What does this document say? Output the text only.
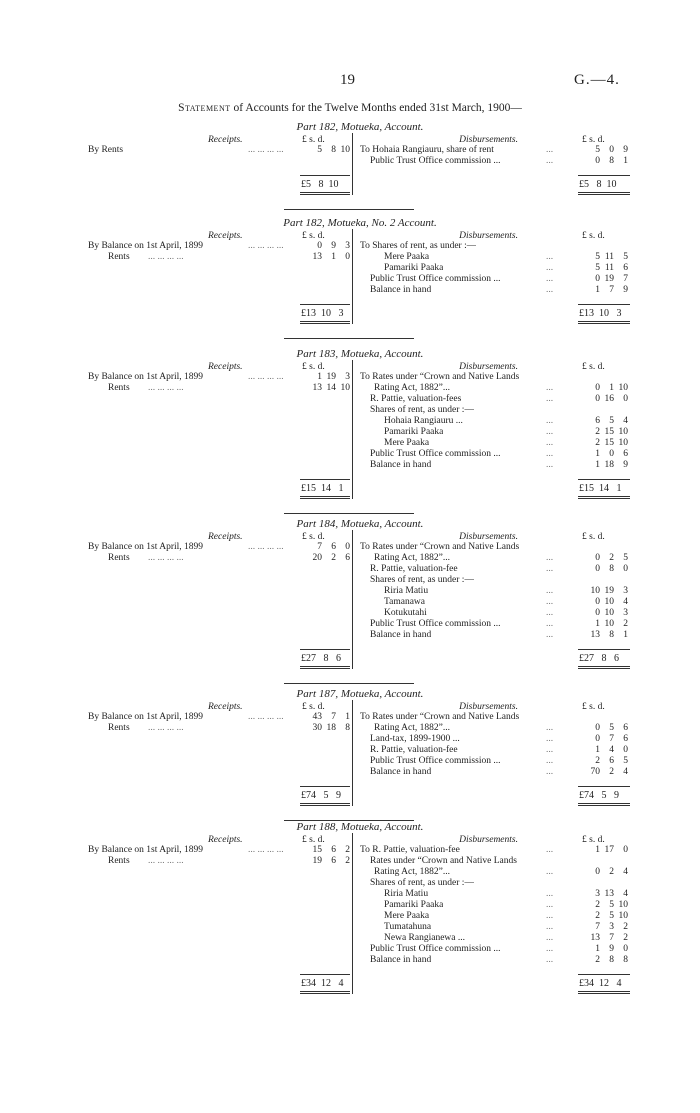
19	G.—4.
Statement of Accounts for the Twelve Months ended 31st March, 1900—
Part 182, Motueka, Account.
Receipts.	Disbursements.
£ s. d.	£ s. d.
By Rents	... ... ... ...	5 8 10 To Hohaia Rangiauru, share of rent	...	5 0 9
Public Trust Office commission ...	...	0 8 1
£5   8  10	£5   8  10
Part 182, Motueka, No. 2 Account.
Receipts.	Disbursements.
£ s. d.	£ s. d.
By Balance on 1st April, 1899	... ... ... ...	0 9 3
Rents ... ... ... ...	13 1 0
To Shares of rent, as under :—
Mere Paaka	...	5 11 5
Pamariki Paaka	...	5 11 6
Public Trust Office commission ...	...	0 19 7
Balance in hand	...	1 7 9
£13  10   3	£13  10   3
Part 183, Motueka, Account.
Receipts.	Disbursements.
£ s. d.	£ s. d.
By Balance on 1st April, 1899	... ... ... ...	1 19 3
Rents ... ... ... ...	13 14 10
To Rates under “Crown and Native Lands
Rating Act, 1882”...	...	0 1 10
R. Pattie, valuation-fees	...	0 16 0
Shares of rent, as under :—
Hohaia Rangiauru ...	...	6 5 4
Pamariki Paaka	...	2 15 10
Mere Paaka	...	2 15 10
Public Trust Office commission ...	...	1 0 6
Balance in hand	...	1 18 9
£15  14   1	£15  14   1
Part 184, Motueka, Account.
Receipts.	Disbursements.
£ s. d.	£ s. d.
By Balance on 1st April, 1899	... ... ... ...	7 6 0
Rents ... ... ... ...	20 2 6
To Rates under “Crown and Native Lands
Rating Act, 1882”...	...	0 2 5
R. Pattie, valuation-fee	...	0 8 0
Shares of rent, as under :—
Riria Matiu	...	10 19 3
Tamanawa	...	0 10 4
Kotukutahi	...	0 10 3
Public Trust Office commission ...	...	1 10 2
Balance in hand	...	13 8 1
£27   8   6	£27   8   6
Part 187, Motueka, Account.
Receipts.	Disbursements.
£ s. d.	£ s. d.
By Balance on 1st April, 1899	... ... ... ...	43 7 1
Rents ... ... ... ...	30 18 8
To Rates under “Crown and Native Lands
Rating Act, 1882”...	...	0 5 6
Land-tax, 1899-1900 ...	...	0 7 6
R. Pattie, valuation-fee	...	1 4 0
Public Trust Office commission ...	...	2 6 5
Balance in hand	...	70 2 4
£74   5   9	£74   5   9
Part 188, Motueka, Account.
Receipts.	Disbursements.
£ s. d.	£ s. d.
By Balance on 1st April, 1899	... ... ... ...	15 6 2
Rents ... ... ... ...	19 6 2
To R. Pattie, valuation-fee	...	1 17 0
Rates under “Crown and Native Lands
Rating Act, 1882”...	...	0 2 4
Shares of rent, as under :—
Riria Matiu	...	3 13 4
Pamariki Paaka	...	2 5 10
Mere Paaka	...	2 5 10
Tumatahuna	...	7 3 2
Newa Rangianewa ...	...	13 7 2
Public Trust Office commission ...	...	1 9 0
Balance in hand	...	2 8 8
£34  12   4	£34  12   4
